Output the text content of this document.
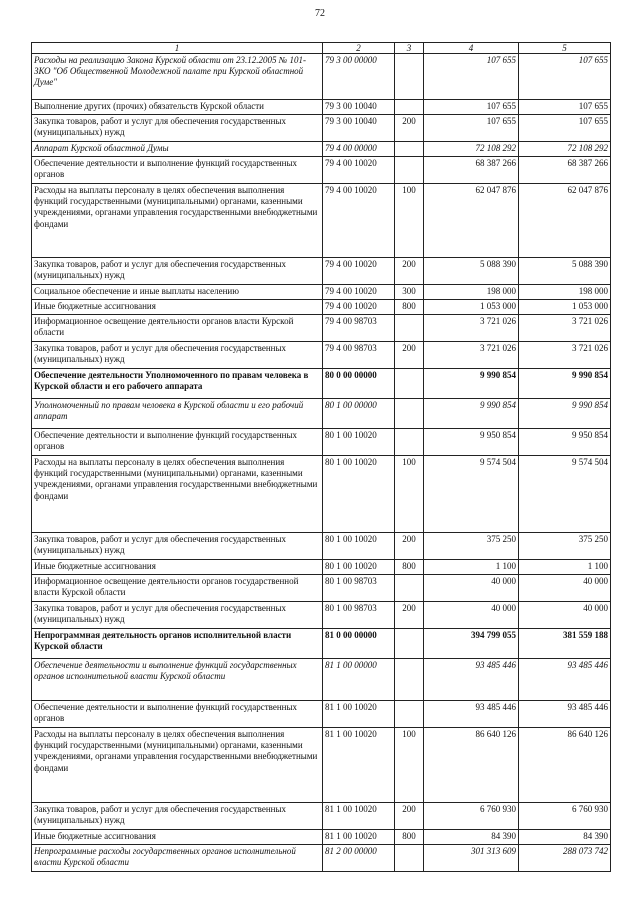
72
1	2	3	4	5
Расходы на реализацию Закона Курской области от 23.12.2005 № 101-ЗКО "Об Общественной Молодежной палате при Курской областной Думе"	79 3 00 00000		107 655	107 655
Выполнение других (прочих) обязательств Курской области	79 3 00 10040		107 655	107 655
Закупка товаров, работ и услуг для обеспечения государственных (муниципальных) нужд	79 3 00 10040	200	107 655	107 655
Аппарат Курской областной Думы	79 4 00 00000		72 108 292	72 108 292
Обеспечение деятельности и выполнение функций государственных органов	79 4 00 10020		68 387 266	68 387 266
Расходы на выплаты персоналу в целях обеспечения выполнения функций государственными (муниципальными) органами, казенными учреждениями, органами управления государственными внебюджетными фондами	79 4 00 10020	100	62 047 876	62 047 876
Закупка товаров, работ и услуг для обеспечения государственных (муниципальных) нужд	79 4 00 10020	200	5 088 390	5 088 390
Социальное обеспечение и иные выплаты населению	79 4 00 10020	300	198 000	198 000
Иные бюджетные ассигнования	79 4 00 10020	800	1 053 000	1 053 000
Информационное освещение деятельности органов власти Курской области	79 4 00 98703		3 721 026	3 721 026
Закупка товаров, работ и услуг для обеспечения государственных (муниципальных) нужд	79 4 00 98703	200	3 721 026	3 721 026
Обеспечение деятельности Уполномоченного по правам человека в Курской области и его рабочего аппарата	80 0 00 00000		9 990 854	9 990 854
Уполномоченный по правам человека в Курской области и его рабочий аппарат	80 1 00 00000		9 990 854	9 990 854
Обеспечение деятельности и выполнение функций государственных органов	80 1 00 10020		9 950 854	9 950 854
Расходы на выплаты персоналу в целях обеспечения выполнения функций государственными (муниципальными) органами, казенными учреждениями, органами управления государственными внебюджетными фондами	80 1 00 10020	100	9 574 504	9 574 504
Закупка товаров, работ и услуг для обеспечения государственных (муниципальных) нужд	80 1 00 10020	200	375 250	375 250
Иные бюджетные ассигнования	80 1 00 10020	800	1 100	1 100
Информационное освещение деятельности органов государственной власти Курской области	80 1 00 98703		40 000	40 000
Закупка товаров, работ и услуг для обеспечения государственных (муниципальных) нужд	80 1 00 98703	200	40 000	40 000
Непрограммная деятельность органов исполнительной власти Курской области	81 0 00 00000		394 799 055	381 559 188
Обеспечение деятельности и выполнение функций государственных органов исполнительной власти Курской области	81 1 00 00000		93 485 446	93 485 446
Обеспечение деятельности и выполнение функций государственных органов	81 1 00 10020		93 485 446	93 485 446
Расходы на выплаты персоналу в целях обеспечения выполнения функций государственными (муниципальными) органами, казенными учреждениями, органами управления государственными внебюджетными фондами	81 1 00 10020	100	86 640 126	86 640 126
Закупка товаров, работ и услуг для обеспечения государственных (муниципальных) нужд	81 1 00 10020	200	6 760 930	6 760 930
Иные бюджетные ассигнования	81 1 00 10020	800	84 390	84 390
Непрограммные расходы государственных органов исполнительной власти Курской области	81 2 00 00000		301 313 609	288 073 742
